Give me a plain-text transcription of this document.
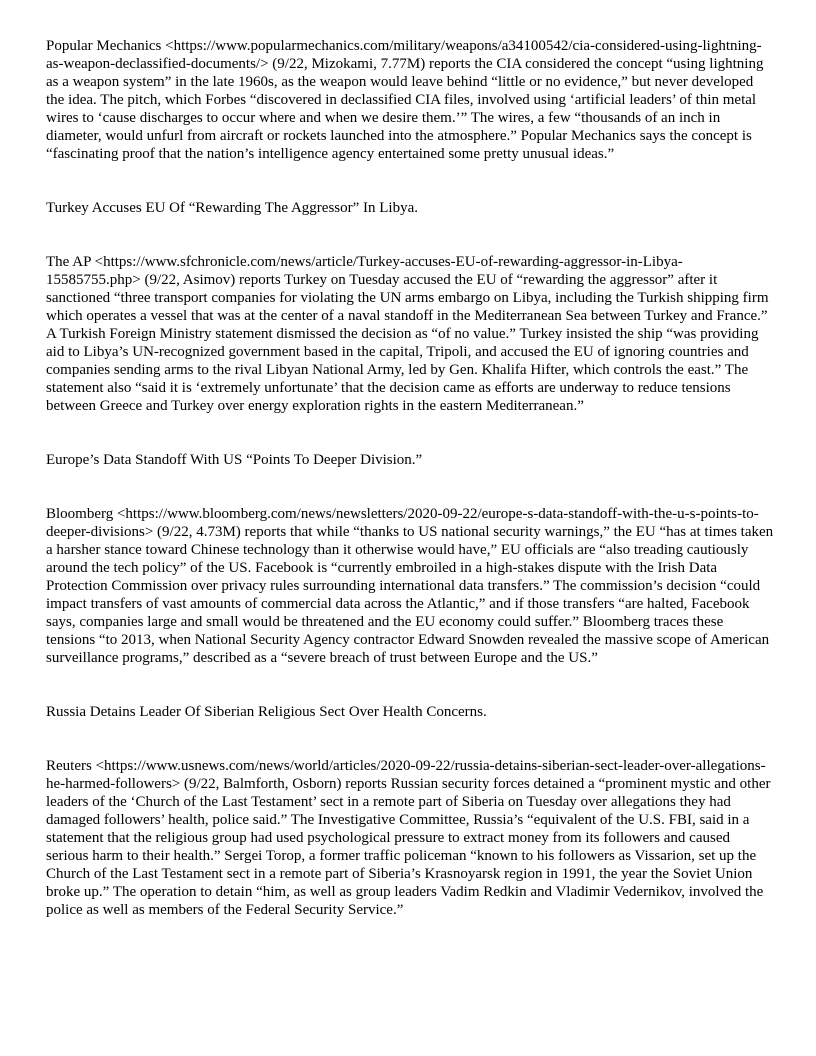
Popular Mechanics <https://www.popularmechanics.com/military/weapons/a34100542/cia-considered-using-lightning-as-weapon-declassified-documents/> (9/22, Mizokami, 7.77M) reports the CIA considered the concept “using lightning as a weapon system” in the late 1960s, as the weapon would leave behind “little or no evidence,” but never developed the idea. The pitch, which Forbes “discovered in declassified CIA files, involved using ‘artificial leaders’ of thin metal wires to ‘cause discharges to occur where and when we desire them.’” The wires, a few “thousands of an inch in diameter, would unfurl from aircraft or rockets launched into the atmosphere.” Popular Mechanics says the concept is “fascinating proof that the nation’s intelligence agency entertained some pretty unusual ideas.”

Turkey Accuses EU Of “Rewarding The Aggressor” In Libya.

The AP <https://www.sfchronicle.com/news/article/Turkey-accuses-EU-of-rewarding-aggressor-in-Libya-15585755.php> (9/22, Asimov) reports Turkey on Tuesday accused the EU of “rewarding the aggressor” after it sanctioned “three transport companies for violating the UN arms embargo on Libya, including the Turkish shipping firm which operates a vessel that was at the center of a naval standoff in the Mediterranean Sea between Turkey and France.” A Turkish Foreign Ministry statement dismissed the decision as “of no value.” Turkey insisted the ship “was providing aid to Libya’s UN-recognized government based in the capital, Tripoli, and accused the EU of ignoring countries and companies sending arms to the rival Libyan National Army, led by Gen. Khalifa Hifter, which controls the east.” The statement also “said it is ‘extremely unfortunate’ that the decision came as efforts are underway to reduce tensions between Greece and Turkey over energy exploration rights in the eastern Mediterranean.”

Europe’s Data Standoff With US “Points To Deeper Division.”

Bloomberg <https://www.bloomberg.com/news/newsletters/2020-09-22/europe-s-data-standoff-with-the-u-s-points-to-deeper-divisions> (9/22, 4.73M) reports that while “thanks to US national security warnings,” the EU “has at times taken a harsher stance toward Chinese technology than it otherwise would have,” EU officials are “also treading cautiously around the tech policy” of the US. Facebook is “currently embroiled in a high-stakes dispute with the Irish Data Protection Commission over privacy rules surrounding international data transfers.” The commission’s decision “could impact transfers of vast amounts of commercial data across the Atlantic,” and if those transfers “are halted, Facebook says, companies large and small would be threatened and the EU economy could suffer.” Bloomberg traces these tensions “to 2013, when National Security Agency contractor Edward Snowden revealed the massive scope of American surveillance programs,” described as a “severe breach of trust between Europe and the US.”

Russia Detains Leader Of Siberian Religious Sect Over Health Concerns.

Reuters <https://www.usnews.com/news/world/articles/2020-09-22/russia-detains-siberian-sect-leader-over-allegations-he-harmed-followers> (9/22, Balmforth, Osborn) reports Russian security forces detained a “prominent mystic and other leaders of the ‘Church of the Last Testament’ sect in a remote part of Siberia on Tuesday over allegations they had damaged followers’ health, police said.” The Investigative Committee, Russia’s “equivalent of the U.S. FBI, said in a statement that the religious group had used psychological pressure to extract money from its followers and caused serious harm to their health.” Sergei Torop, a former traffic policeman “known to his followers as Vissarion, set up the Church of the Last Testament sect in a remote part of Siberia’s Krasnoyarsk region in 1991, the year the Soviet Union broke up.” The operation to detain “him, as well as group leaders Vadim Redkin and Vladimir Vedernikov, involved the police as well as members of the Federal Security Service.”
